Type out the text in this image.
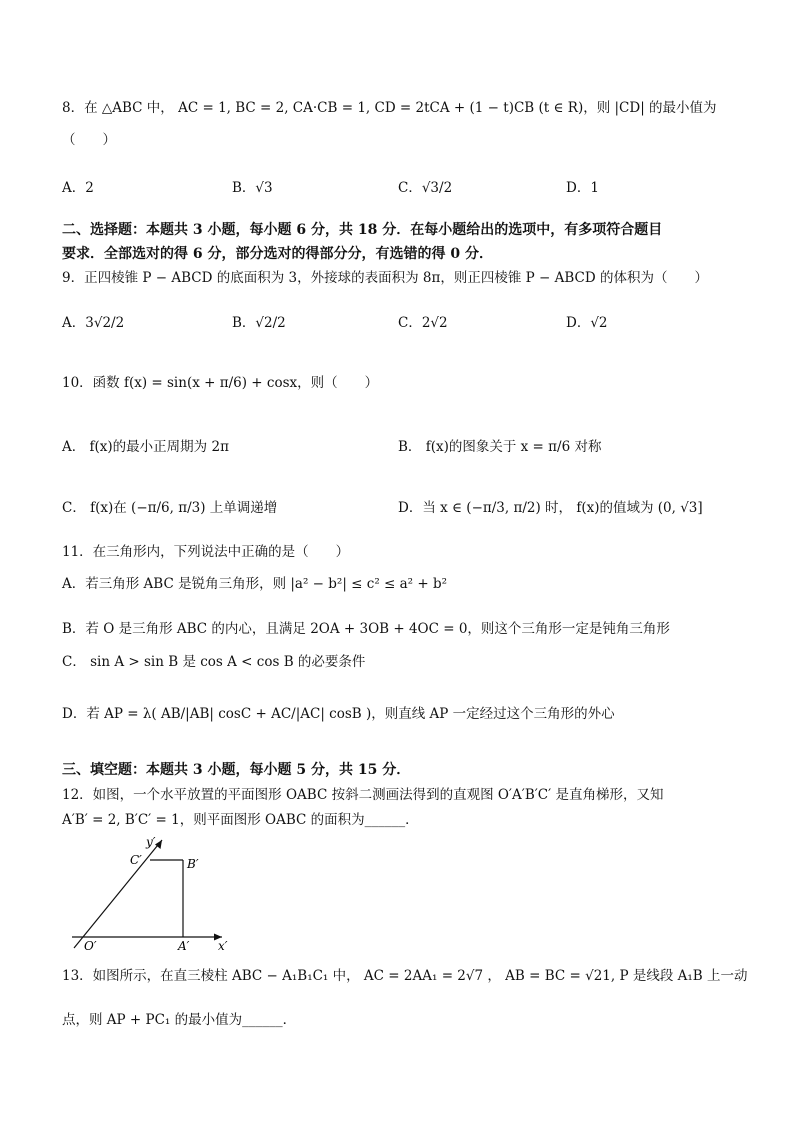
8．在 △ABC 中， AC = 1, BC = 2, CA·CB = 1, CD = 2tCA + (1 − t)CB (t ∈ R)，则 |CD| 的最小值为
（　　）
A．2	B．√3	C．√3/2	D．1
二、选择题：本题共 3 小题，每小题 6 分，共 18 分．在每小题给出的选项中，有多项符合题目
要求．全部选对的得 6 分，部分选对的得部分分，有选错的得 0 分．
9．正四棱锥 P − ABCD 的底面积为 3，外接球的表面积为 8π，则正四棱锥 P − ABCD 的体积为（　　）
A．3√2/2	B．√2/2	C．2√2	D．√2
10．函数 f(x) = sin(x + π/6) + cosx，则（　　）
A． f(x)的最小正周期为 2π	B． f(x)的图象关于 x = π/6 对称
C． f(x)在 (−π/6, π/3) 上单调递增	D．当 x ∈ (−π/3, π/2) 时， f(x)的值域为 (0, √3]
11．在三角形内，下列说法中正确的是（　　）
A．若三角形 ABC 是锐角三角形，则 |a² − b²| ≤ c² ≤ a² + b²
B．若 O 是三角形 ABC 的内心，且满足 2OA + 3OB + 4OC = 0，则这个三角形一定是钝角三角形
C． sin A > sin B 是 cos A < cos B 的必要条件
D．若 AP = λ( AB/|AB| cosC + AC/|AC| cosB )，则直线 AP 一定经过这个三角形的外心
三、填空题：本题共 3 小题，每小题 5 分，共 15 分．
12．如图，一个水平放置的平面图形 OABC 按斜二测画法得到的直观图 O′A′B′C′ 是直角梯形，又知
A′B′ = 2, B′C′ = 1，则平面图形 OABC 的面积为______．
y′
C′	B′
O′	A′ x′
13．如图所示，在直三棱柱 ABC − A₁B₁C₁ 中， AC = 2AA₁ = 2√7 ， AB = BC = √21, P 是线段 A₁B 上一动
点，则 AP + PC₁ 的最小值为______．
